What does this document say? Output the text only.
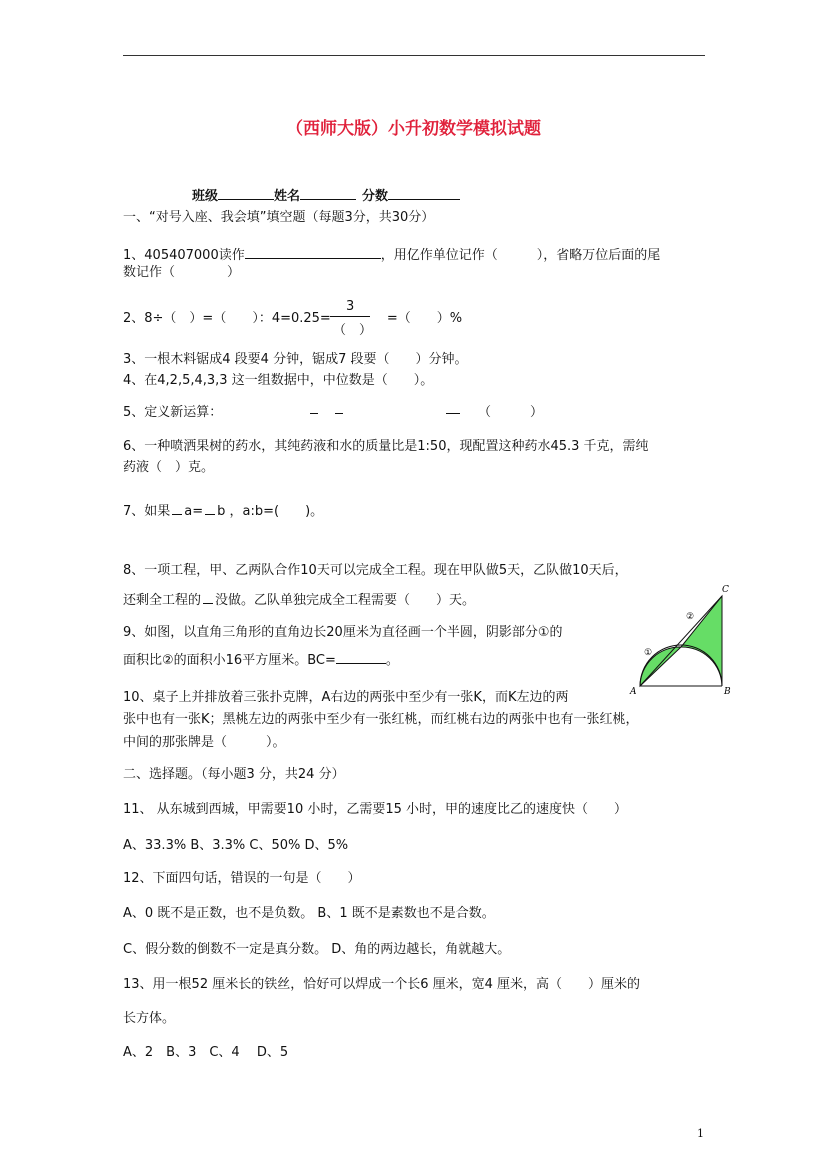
（西师大版）小升初数学模拟试题
班级	姓名	分数
一、“对号入座、我会填”填空题（每题3分，共30分）
1、405407000读作	，用亿作单位记作（　　　），省略万位后面的尾
数记作（　　　　）
2、8÷（　）=（　　）：4=0.25=	=（　　）%
3
（　）
3、一根木料锯成4 段要4 分钟，锯成7 段要（　　）分钟。
4、在4,2,5,4,3,3 这一组数据中，中位数是（　　）。
5、定义新运算：	（　　　）
6、一种喷洒果树的药水，其纯药液和水的质量比是1:50，现配置这种药水45.3 千克，需纯
药液（　）克。
7、如果 a= b ，a:b=(　　)。
8、一项工程，甲、乙两队合作10天可以完成全工程。现在甲队做5天，乙队做10天后，
还剩全工程的 没做。乙队单独完成全工程需要（　　）天。
9、如图，以直角三角形的直角边长20厘米为直径画一个半圆，阴影部分①的
面积比②的面积小16平方厘米。BC=	。
A	B
C
①
②
10、桌子上并排放着三张扑克牌，A右边的两张中至少有一张K，而K左边的两
张中也有一张K；黑桃左边的两张中至少有一张红桃，而红桃右边的两张中也有一张红桃，
中间的那张牌是（　　　）。
二、选择题。（每小题3 分，共24 分）
11、 从东城到西城，甲需要10 小时，乙需要15 小时，甲的速度比乙的速度快（　　）
A、33.3% B、3.3% C、50% D、5%
12、下面四句话，错误的一句是（　　）
A、0 既不是正数，也不是负数。 B、1 既不是素数也不是合数。
C、假分数的倒数不一定是真分数。 D、角的两边越长，角就越大。
13、用一根52 厘米长的铁丝，恰好可以焊成一个长6 厘米，宽4 厘米，高（　　）厘米的
长方体。
A、2　B、3　C、4　 D、5
1
